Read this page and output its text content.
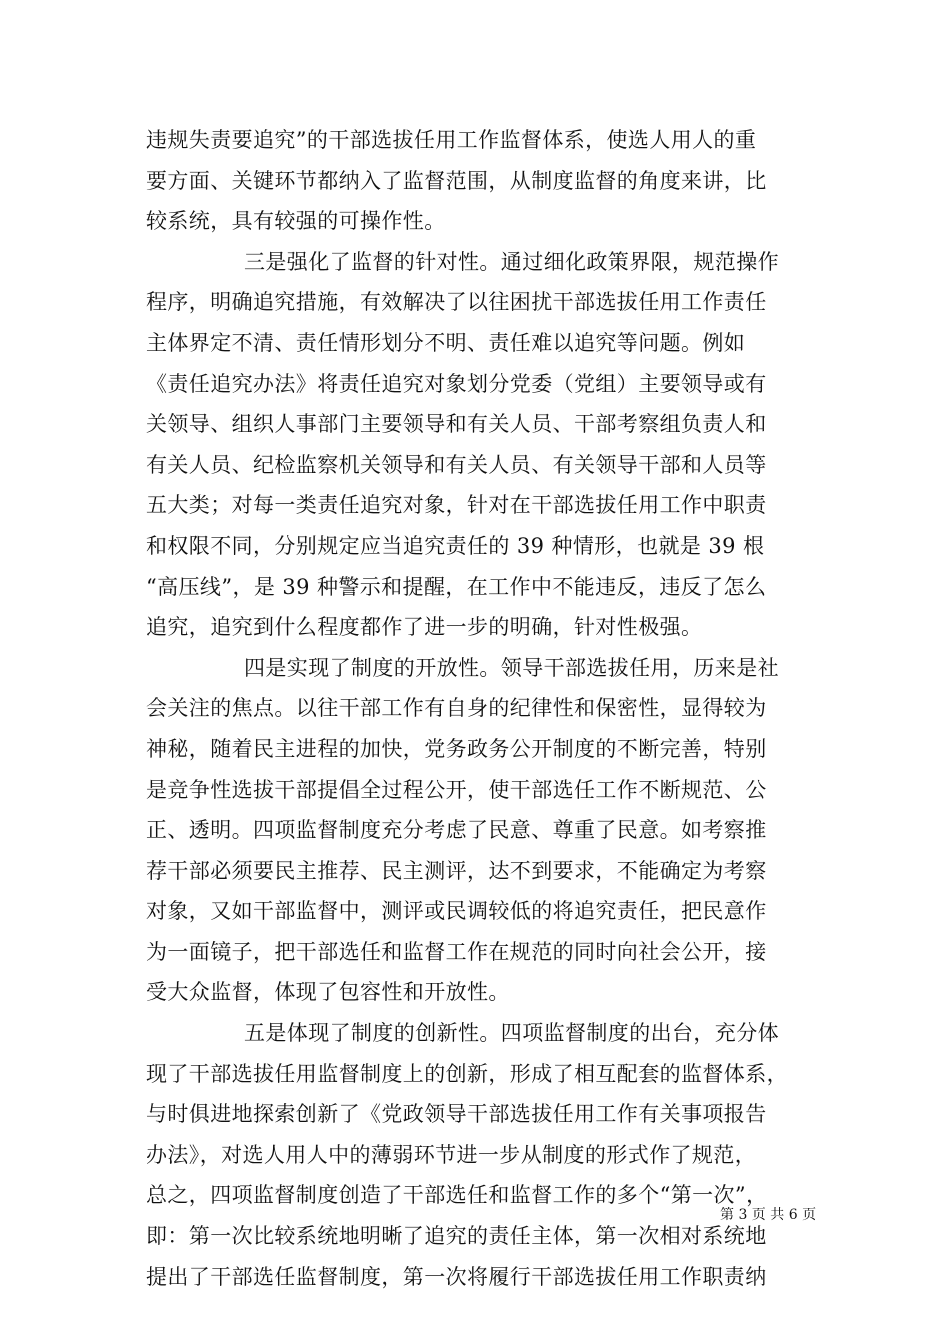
违规失责要追究”的干部选拔任用工作监督体系，使选人用人的重
要方面、关键环节都纳入了监督范围，从制度监督的角度来讲，比
较系统，具有较强的可操作性。
三是强化了监督的针对性。通过细化政策界限，规范操作
程序，明确追究措施，有效解决了以往困扰干部选拔任用工作责任
主体界定不清、责任情形划分不明、责任难以追究等问题。例如
《责任追究办法》将责任追究对象划分党委（党组）主要领导或有
关领导、组织人事部门主要领导和有关人员、干部考察组负责人和
有关人员、纪检监察机关领导和有关人员、有关领导干部和人员等
五大类；对每一类责任追究对象，针对在干部选拔任用工作中职责
和权限不同，分别规定应当追究责任的 39 种情形，也就是 39 根
“高压线”，是 39 种警示和提醒，在工作中不能违反，违反了怎么
追究，追究到什么程度都作了进一步的明确，针对性极强。
四是实现了制度的开放性。领导干部选拔任用，历来是社
会关注的焦点。以往干部工作有自身的纪律性和保密性，显得较为
神秘，随着民主进程的加快，党务政务公开制度的不断完善，特别
是竞争性选拔干部提倡全过程公开，使干部选任工作不断规范、公
正、透明。四项监督制度充分考虑了民意、尊重了民意。如考察推
荐干部必须要民主推荐、民主测评，达不到要求，不能确定为考察
对象，又如干部监督中，测评或民调较低的将追究责任，把民意作
为一面镜子，把干部选任和监督工作在规范的同时向社会公开，接
受大众监督，体现了包容性和开放性。
五是体现了制度的创新性。四项监督制度的出台，充分体
现了干部选拔任用监督制度上的创新，形成了相互配套的监督体系，
与时俱进地探索创新了《党政领导干部选拔任用工作有关事项报告
办法》，对选人用人中的薄弱环节进一步从制度的形式作了规范，
总之，四项监督制度创造了干部选任和监督工作的多个“第一次”，
即：第一次比较系统地明晰了追究的责任主体，第一次相对系统地
提出了干部选任监督制度，第一次将履行干部选拔任用工作职责纳
第 3 页 共 6 页
